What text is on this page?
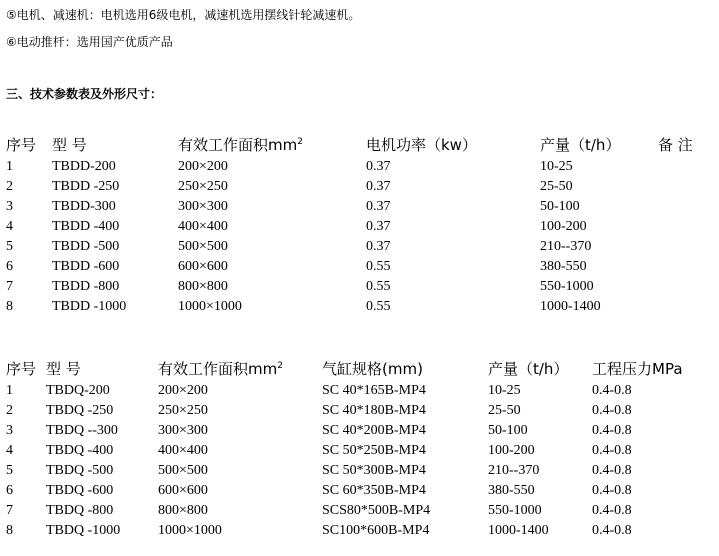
⑤电机、减速机：电机选用6级电机，减速机选用摆线针轮减速机。
⑥电动推杆：选用国产优质产品
三、技术参数表及外形尺寸：
序号	型 号	有效工作面积$mm^2$	电机功率（kw）	产量（t/h）	备 注
1	TBDD-200	200×200	0.37	10-25	
2	TBDD -250	250×250	0.37	25-50	
3	TBDD-300	300×300	0.37	50-100	
4	TBDD -400	400×400	0.37	100-200	
5	TBDD -500	500×500	0.37	210--370	
6	TBDD -600	600×600	0.55	380-550	
7	TBDD -800	800×800	0.55	550-1000	
8	TBDD -1000	1000×1000	0.55	1000-1400	
序号	型 号	有效工作面积$mm^2$	气缸规格(mm)	产量（t/h）	工程压力MPa
1	TBDQ-200	200×200	SC 40*165B-MP4	10-25	0.4-0.8
2	TBDQ -250	250×250	SC 40*180B-MP4	25-50	0.4-0.8
3	TBDQ --300	300×300	SC 40*200B-MP4	50-100	0.4-0.8
4	TBDQ -400	400×400	SC 50*250B-MP4	100-200	0.4-0.8
5	TBDQ -500	500×500	SC 50*300B-MP4	210--370	0.4-0.8
6	TBDQ -600	600×600	SC 60*350B-MP4	380-550	0.4-0.8
7	TBDQ -800	800×800	SCS80*500B-MP4	550-1000	0.4-0.8
8	TBDQ -1000	1000×1000	SC100*600B-MP4	1000-1400	0.4-0.8
